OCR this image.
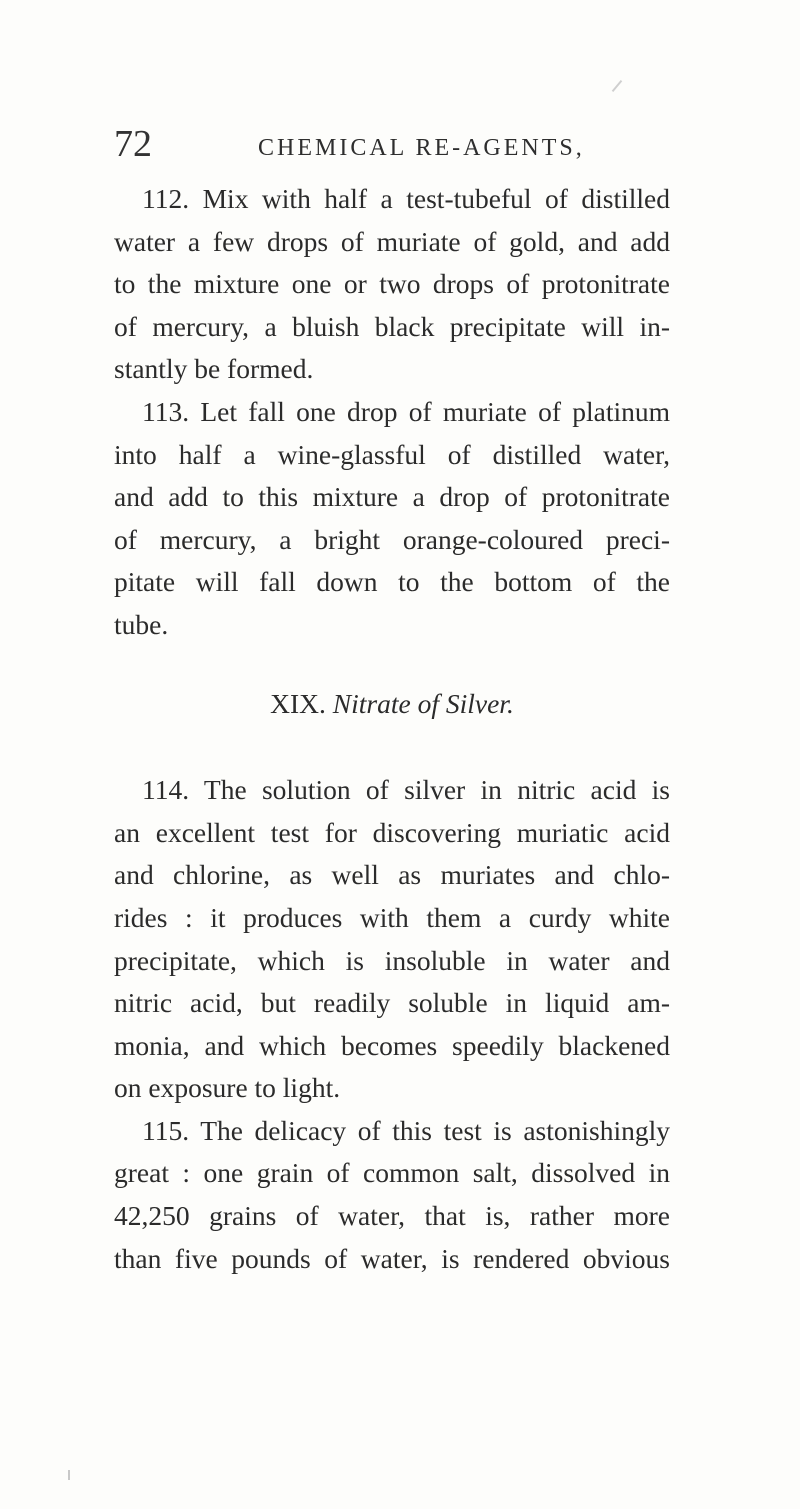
72	CHEMICAL RE-AGENTS,
112. Mix with half a test-tubeful of distilled
water a few drops of muriate of gold, and add
to the mixture one or two drops of protonitrate
of mercury, a bluish black precipitate will in-
stantly be formed.
113. Let fall one drop of muriate of platinum
into half a wine-glassful of distilled water,
and add to this mixture a drop of protonitrate
of mercury, a bright orange-coloured preci-
pitate will fall down to the bottom of the
tube.
XIX. Nitrate of Silver.
114. The solution of silver in nitric acid is
an excellent test for discovering muriatic acid
and chlorine, as well as muriates and chlo-
rides : it produces with them a curdy white
precipitate, which is insoluble in water and
nitric acid, but readily soluble in liquid am-
monia, and which becomes speedily blackened
on exposure to light.
115. The delicacy of this test is astonishingly
great : one grain of common salt, dissolved in
42,250 grains of water, that is, rather more
than five pounds of water, is rendered obvious
